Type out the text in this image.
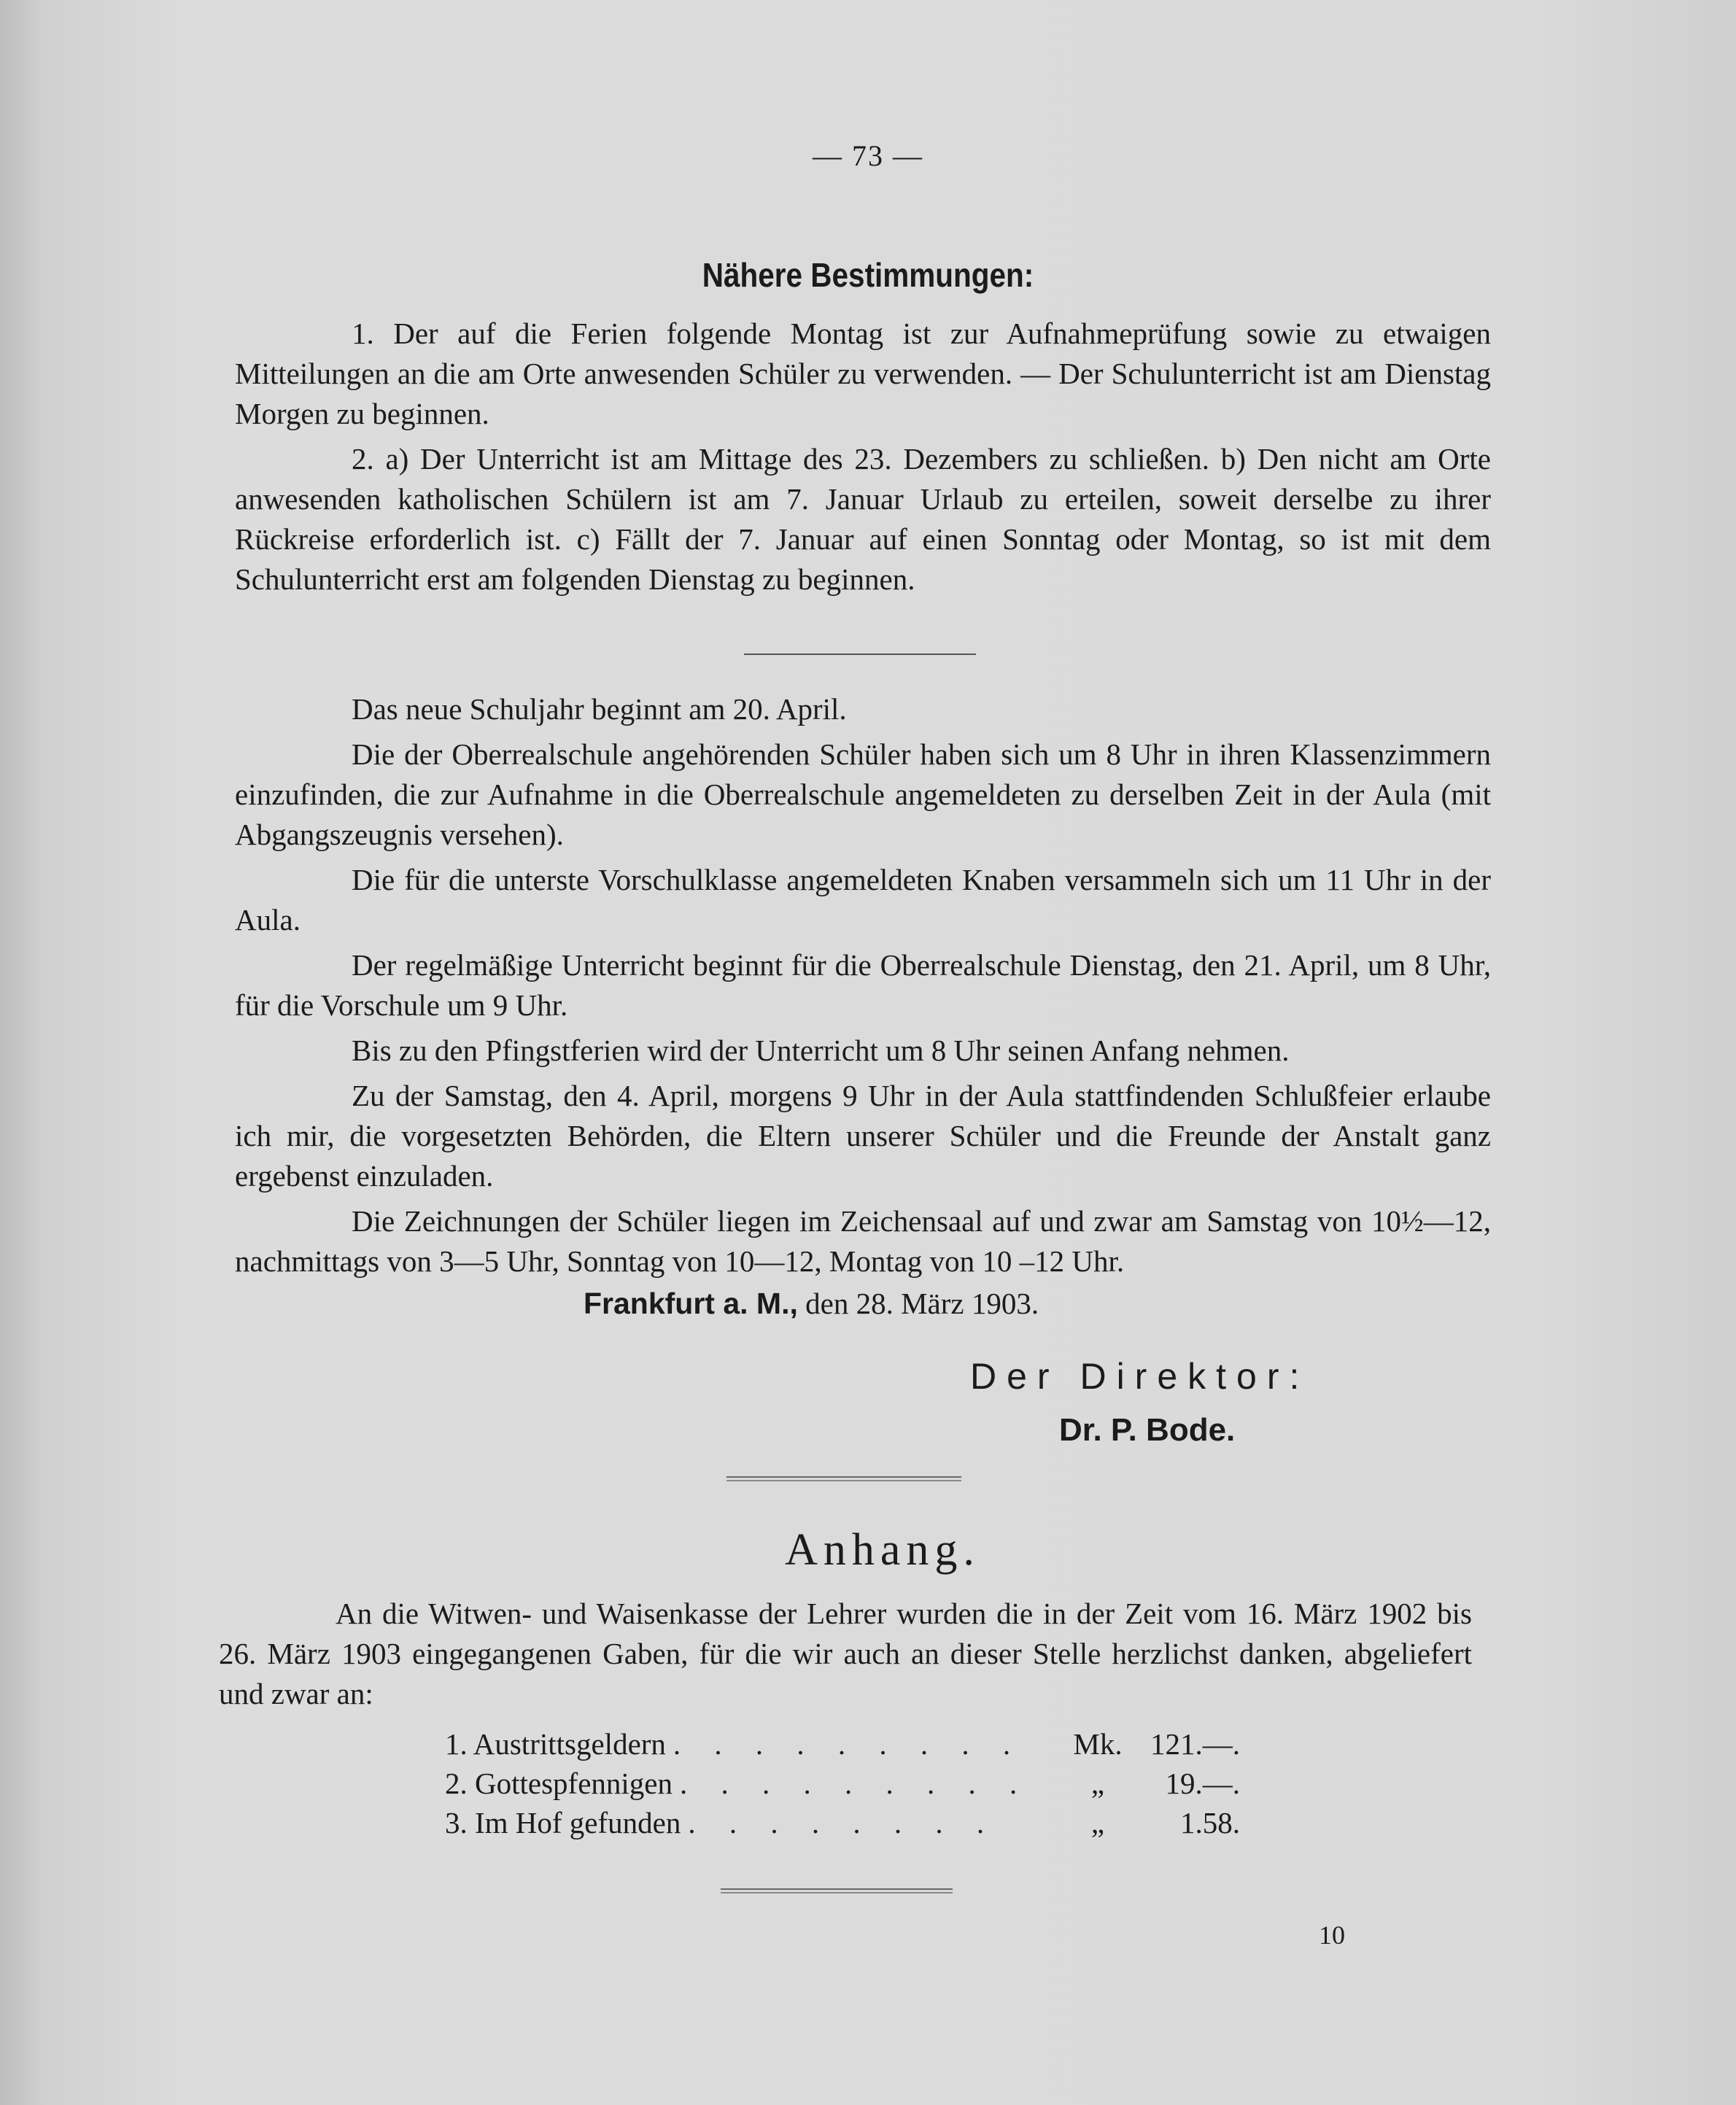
— 73 —
Nähere Bestimmungen:

1. Der auf die Ferien folgende Montag ist zur Aufnahmeprüfung sowie zu etwaigen Mitteilungen an die am Orte anwesenden Schüler zu verwenden. — Der Schulunterricht ist am Dienstag Morgen zu beginnen.

2. a) Der Unterricht ist am Mittage des 23. Dezembers zu schließen. b) Den nicht am Orte anwesenden katholischen Schülern ist am 7. Januar Urlaub zu erteilen, soweit derselbe zu ihrer Rückreise erforderlich ist. c) Fällt der 7. Januar auf einen Sonntag oder Montag, so ist mit dem Schulunterricht erst am folgenden Dienstag zu beginnen.

Das neue Schuljahr beginnt am 20. April.

Die der Oberrealschule angehörenden Schüler haben sich um 8 Uhr in ihren Klassenzimmern einzufinden, die zur Aufnahme in die Oberrealschule angemeldeten zu derselben Zeit in der Aula (mit Abgangszeugnis versehen).

Die für die unterste Vorschulklasse angemeldeten Knaben versammeln sich um 11 Uhr in der Aula.

Der regelmäßige Unterricht beginnt für die Oberrealschule Dienstag, den 21. April, um 8 Uhr, für die Vorschule um 9 Uhr.

Bis zu den Pfingstferien wird der Unterricht um 8 Uhr seinen Anfang nehmen.

Zu der Samstag, den 4. April, morgens 9 Uhr in der Aula stattfindenden Schlußfeier erlaube ich mir, die vorgesetzten Behörden, die Eltern unserer Schüler und die Freunde der Anstalt ganz ergebenst einzuladen.

Die Zeichnungen der Schüler liegen im Zeichensaal auf und zwar am Samstag von 10½—12, nachmittags von 3—5 Uhr, Sonntag von 10—12, Montag von 10 –12 Uhr.

Frankfurt a. M., den 28. März 1903.
Der Direktor:
Dr. P. Bode.
Anhang.

An die Witwen- und Waisenkasse der Lehrer wurden die in der Zeit vom 16. März 1902 bis 26. März 1903 eingegangenen Gaben, für die wir auch an dieser Stelle herzlichst danken, abgeliefert und zwar an:

1. Austrittsgeldern . . . . . . . . .	Mk. 121.—.
2. Gottespfennigen . . . . . . . . .	„	19.—.
3. Im Hof gefunden . . . . . . . .	„	1.58.
10
